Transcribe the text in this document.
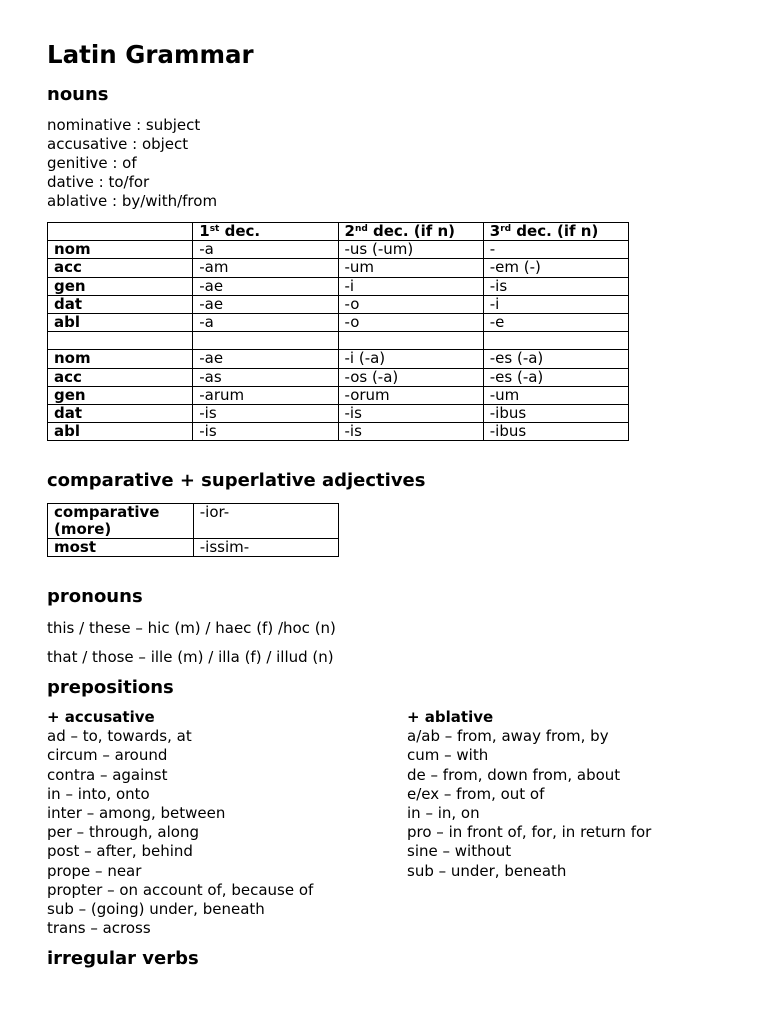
Latin Grammar
nouns
nominative : subject
accusative : object
genitive : of
dative : to/for
ablative : by/with/from
	1st dec.	2nd dec. (if n)	3rd dec. (if n)
nom	-a	-us (-um)	-
acc	-am	-um	-em (-)
gen	-ae	-i	-is
dat	-ae	-o	-i
abl	-a	-o	-e

nom	-ae	-i (-a)	-es (-a)
acc	-as	-os (-a)	-es (-a)
gen	-arum	-orum	-um
dat	-is	-is	-ibus
abl	-is	-is	-ibus
comparative + superlative adjectives
comparative
(more)	-ior-

most	-issim-
pronouns
this / these – hic (m) / haec (f) /hoc (n)
that / those – ille (m) / illa (f) / illud (n)
prepositions
+ accusative
ad – to, towards, at
circum – around
contra – against
in – into, onto
inter – among, between
per – through, along
post – after, behind
prope – near
propter – on account of, because of
sub – (going) under, beneath
trans – across
+ ablative
a/ab – from, away from, by
cum – with
de – from, down from, about
e/ex – from, out of
in – in, on
pro – in front of, for, in return for
sine – without
sub – under, beneath
irregular verbs
